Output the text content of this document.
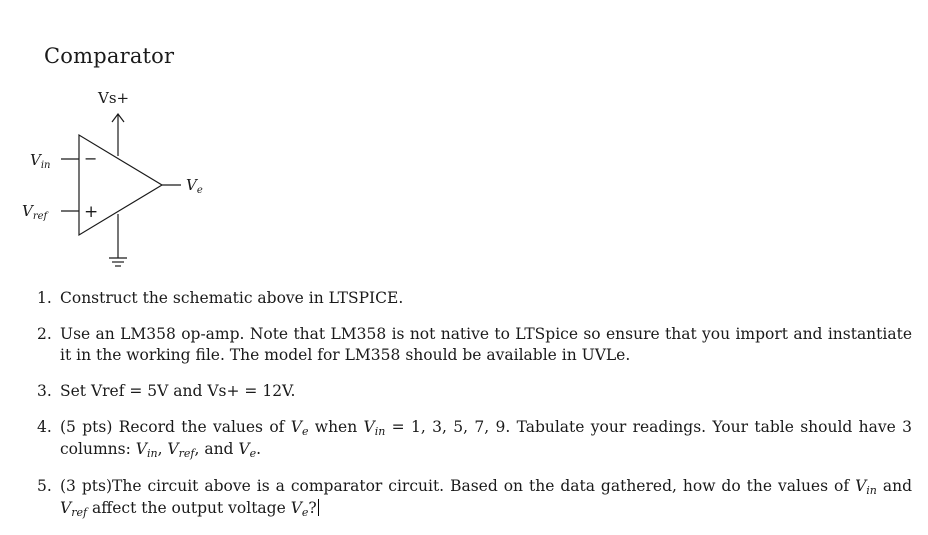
Comparator
Vs+
−
+
$V_{in}$
$V_{ref}$
$V_e$
1. Construct the schematic above in LTSPICE.
2. Use an LM358 op-amp. Note that LM358 is not native to LTSpice so ensure that you import and instantiate it in the working file. The model for LM358 should be available in UVLe.
3. Set Vref = 5V and Vs+ = 12V.
4. (5 pts) Record the values of Ve when Vin = 1, 3, 5, 7, 9. Tabulate your readings. Your table should have 3 columns: Vin, Vref, and Ve.
5. (3 pts)The circuit above is a comparator circuit. Based on the data gathered, how do the values of Vin and Vref affect the output voltage Ve?
